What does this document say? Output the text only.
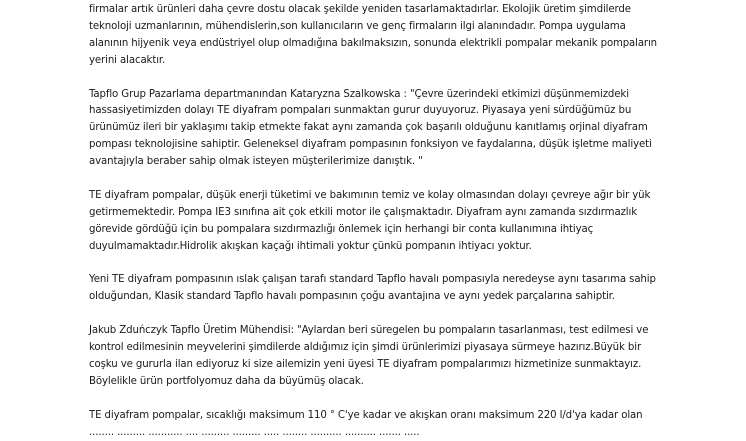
firmalar artık ürünleri daha çevre dostu olacak şekilde yeniden tasarlamaktadırlar. Ekolojik üretim şimdilerde
teknoloji uzmanlarının, mühendislerin,son kullanıcıların ve genç firmaların ilgi alanındadır. Pompa uygulama
alanının hijyenik veya endüstriyel olup olmadığına bakılmaksızın, sonunda elektrikli pompalar mekanik pompaların
yerini alacaktır.
Tapflo Grup Pazarlama departmanından Kataryzna Szalkowska : "Çevre üzerindeki etkimizi düşünmemizdeki
hassasiyetimizden dolayı TE diyafram pompaları sunmaktan gurur duyuyoruz. Piyasaya yeni sürdüğümüz bu
ürünümüz ileri bir yaklaşımı takip etmekte fakat aynı zamanda çok başarılı olduğunu kanıtlamış orjinal diyafram
pompası teknolojisine sahiptir. Geleneksel diyafram pompasının fonksiyon ve faydalarına, düşük işletme maliyeti
avantajıyla beraber sahip olmak isteyen müşterilerimize danıştık. "
TE diyafram pompalar, düşük enerji tüketimi ve bakımının temiz ve kolay olmasından dolayı çevreye ağır bir yük
getirmemektedir. Pompa IE3 sınıfına ait çok etkili motor ile çalışmaktadır. Diyafram aynı zamanda sızdırmazlık
görevide gördüğü için bu pompalara sızdırmazlığı önlemek için herhangi bir conta kullanımına ihtiyaç
duyulmamaktadır.Hidrolik akışkan kaçağı ihtimali yoktur çünkü pompanın ihtiyacı yoktur.
Yeni TE diyafram pompasının ıslak çalışan tarafı standard Tapflo havalı pompasıyla neredeyse aynı tasarıma sahip
olduğundan, Klasik standard Tapflo havalı pompasının çoğu avantajına ve aynı yedek parçalarına sahiptir.
Jakub Zduńczyk Tapflo Üretim Mühendisi: "Aylardan beri süregelen bu pompaların tasarlanması, test edilmesi ve
kontrol edilmesinin meyvelerini şimdilerde aldığımız için şimdi ürünlerimizi piyasaya sürmeye hazırız.Büyük bir
coşku ve gururla ilan ediyoruz ki size ailemizin yeni üyesi TE diyafram pompalarımızı hizmetinize sunmaktayız.
Böylelikle ürün portfolyomuz daha da büyümüş olacak.
TE diyafram pompalar, sıcaklığı maksimum 110 ° C'ye kadar ve akışkan oranı maksimum 220 l/d'ya kadar olan
........ ......... ........... .... ......... ......... ..... ........ .......... .......... ....... .....
